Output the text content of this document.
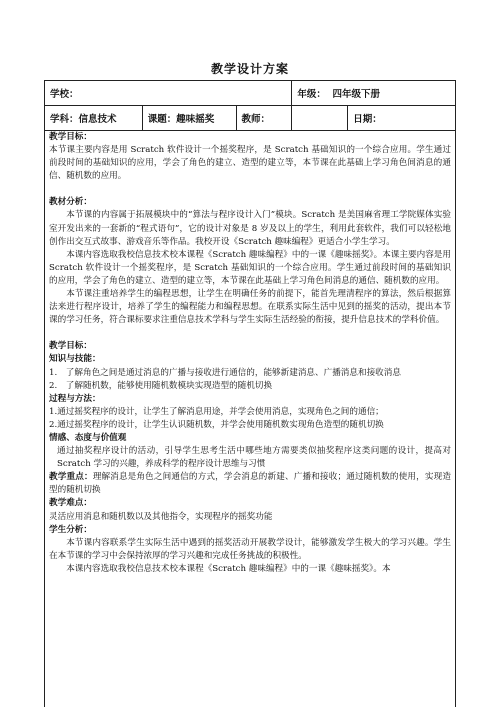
教学设计方案
学校：			年级： 四年级下册	
学科：信息技术	课题：趣味摇奖	教师：		日期：

教学目标：

本节课主要内容是用 Scratch 软件设计一个摇奖程序，是 Scratch 基础知识的一个综合应用。学生通过前段时间的基础知识的应用，学会了角色的建立、造型的建立等，本节课在此基础上学习角色间消息的通信、随机数的应用。

教材分析：

本节课的内容属于拓展模块中的“算法与程序设计入门”模块。Scratch 是美国麻省理工学院媒体实验室开发出来的一套新的“程式语句”，它的设计对象是 8 岁及以上的学生，利用此套软件，我们可以轻松地创作出交互式故事、游戏音乐等作品。我校开设《Scratch 趣味编程》更适合小学生学习。

本课内容选取我校信息技术校本课程《Scratch 趣味编程》中的一课《趣味摇奖》。本课主要内容是用 Scratch 软件设计一个摇奖程序，是 Scratch 基础知识的一个综合应用。学生通过前段时间的基础知识的应用，学会了角色的建立、造型的建立等，本节课在此基础上学习角色间消息的通信、随机数的应用。

本节课注重培养学生的编程思想，让学生在明确任务的前提下，能首先理清程序的算法，然后根据算法来进行程序设计，培养了学生的编程能力和编程思想。在联系实际生活中见到的摇奖的活动，提出本节课的学习任务，符合课标要求注重信息技术学科与学生实际生活经验的衔接，提升信息技术的学科价值。

教学目标：

知识与技能：

1.　了解角色之间是通过消息的广播与接收进行通信的，能够新建消息、广播消息和接收消息

2.　了解随机数，能够使用随机数模块实现造型的随机切换

过程与方法：

1.通过摇奖程序的设计，让学生了解消息用途，并学会使用消息，实现角色之间的通信；

2.通过摇奖程序的设计，让学生认识随机数，并学会使用随机数实现角色造型的随机切换

情感、态度与价值观

通过抽奖程序设计的活动，引导学生思考生活中哪些地方需要类似抽奖程序这类问题的设计，提高对 Scratch 学习的兴趣，养成科学的程序设计思维与习惯

教学重点：理解消息是角色之间通信的方式，学会消息的新建、广播和接收；通过随机数的使用，实现造型的随机切换

教学难点：

灵活应用消息和随机数以及其他指令，实现程序的摇奖功能

学生分析：

本节课内容联系学生实际生活中遇到的摇奖活动开展教学设计，能够激发学生极大的学习兴趣。学生在本节课的学习中会保持浓厚的学习兴趣和完成任务挑战的积极性。

本课内容选取我校信息技术校本课程《Scratch 趣味编程》中的一课《趣味摇奖》。本
